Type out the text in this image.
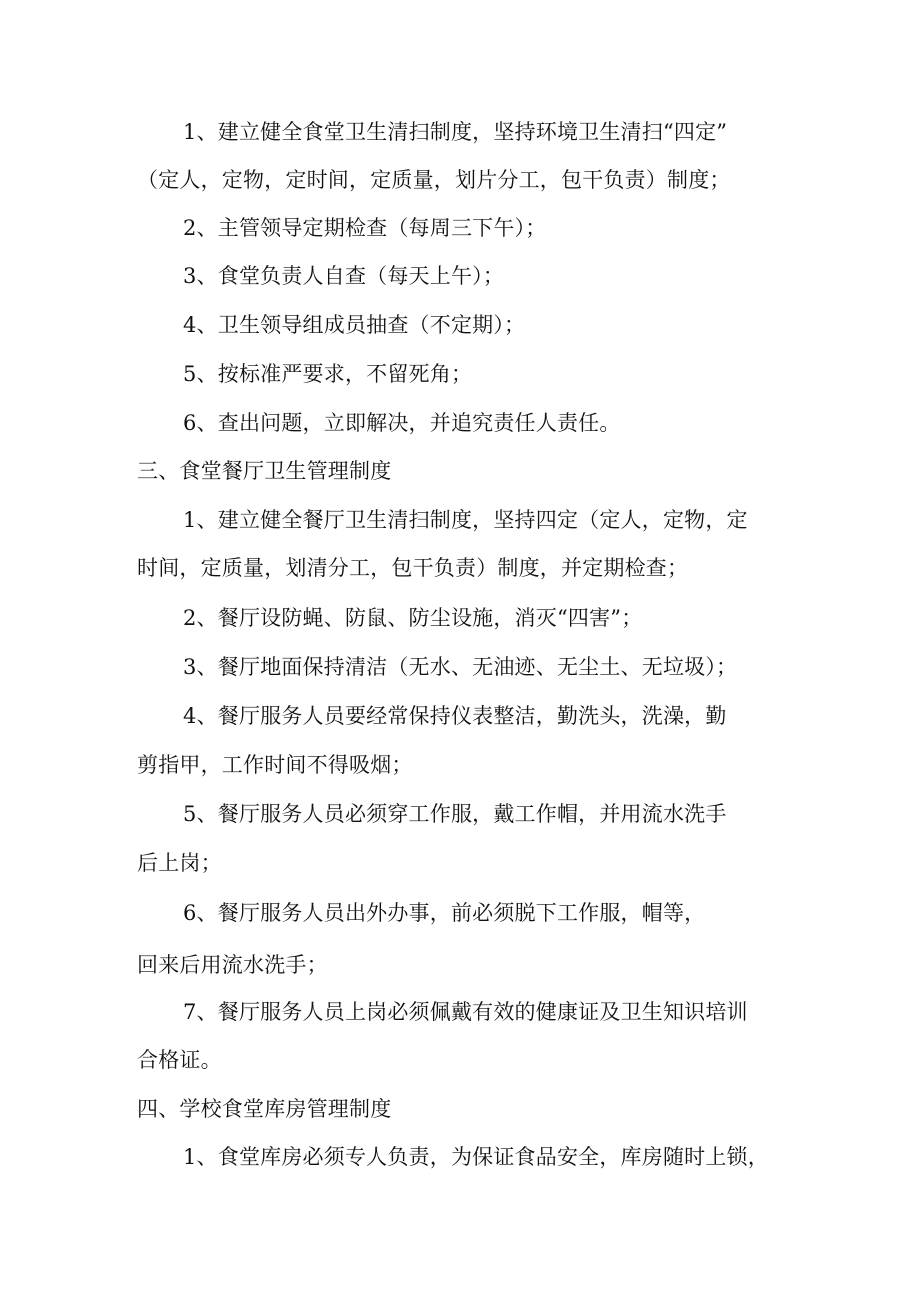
1、建立健全食堂卫生清扫制度，坚持环境卫生清扫“四定”
（定人，定物，定时间，定质量，划片分工，包干负责）制度；
2、主管领导定期检查（每周三下午）；
3、食堂负责人自查（每天上午）；
4、卫生领导组成员抽查（不定期）；
5、按标准严要求，不留死角；
6、查出问题，立即解决，并追究责任人责任。
三、食堂餐厅卫生管理制度
1、建立健全餐厅卫生清扫制度，坚持四定（定人，定物，定
时间，定质量，划清分工，包干负责）制度，并定期检查；
2、餐厅设防蝇、防鼠、防尘设施，消灭“四害”；
3、餐厅地面保持清洁（无水、无油迹、无尘土、无垃圾）；
4、餐厅服务人员要经常保持仪表整洁，勤洗头，洗澡，勤
剪指甲，工作时间不得吸烟；
5、餐厅服务人员必须穿工作服，戴工作帽，并用流水洗手
后上岗；
6、餐厅服务人员出外办事，前必须脱下工作服，帽等，
回来后用流水洗手；
7、餐厅服务人员上岗必须佩戴有效的健康证及卫生知识培训
合格证。
四、学校食堂库房管理制度
1、食堂库房必须专人负责，为保证食品安全，库房随时上锁，
